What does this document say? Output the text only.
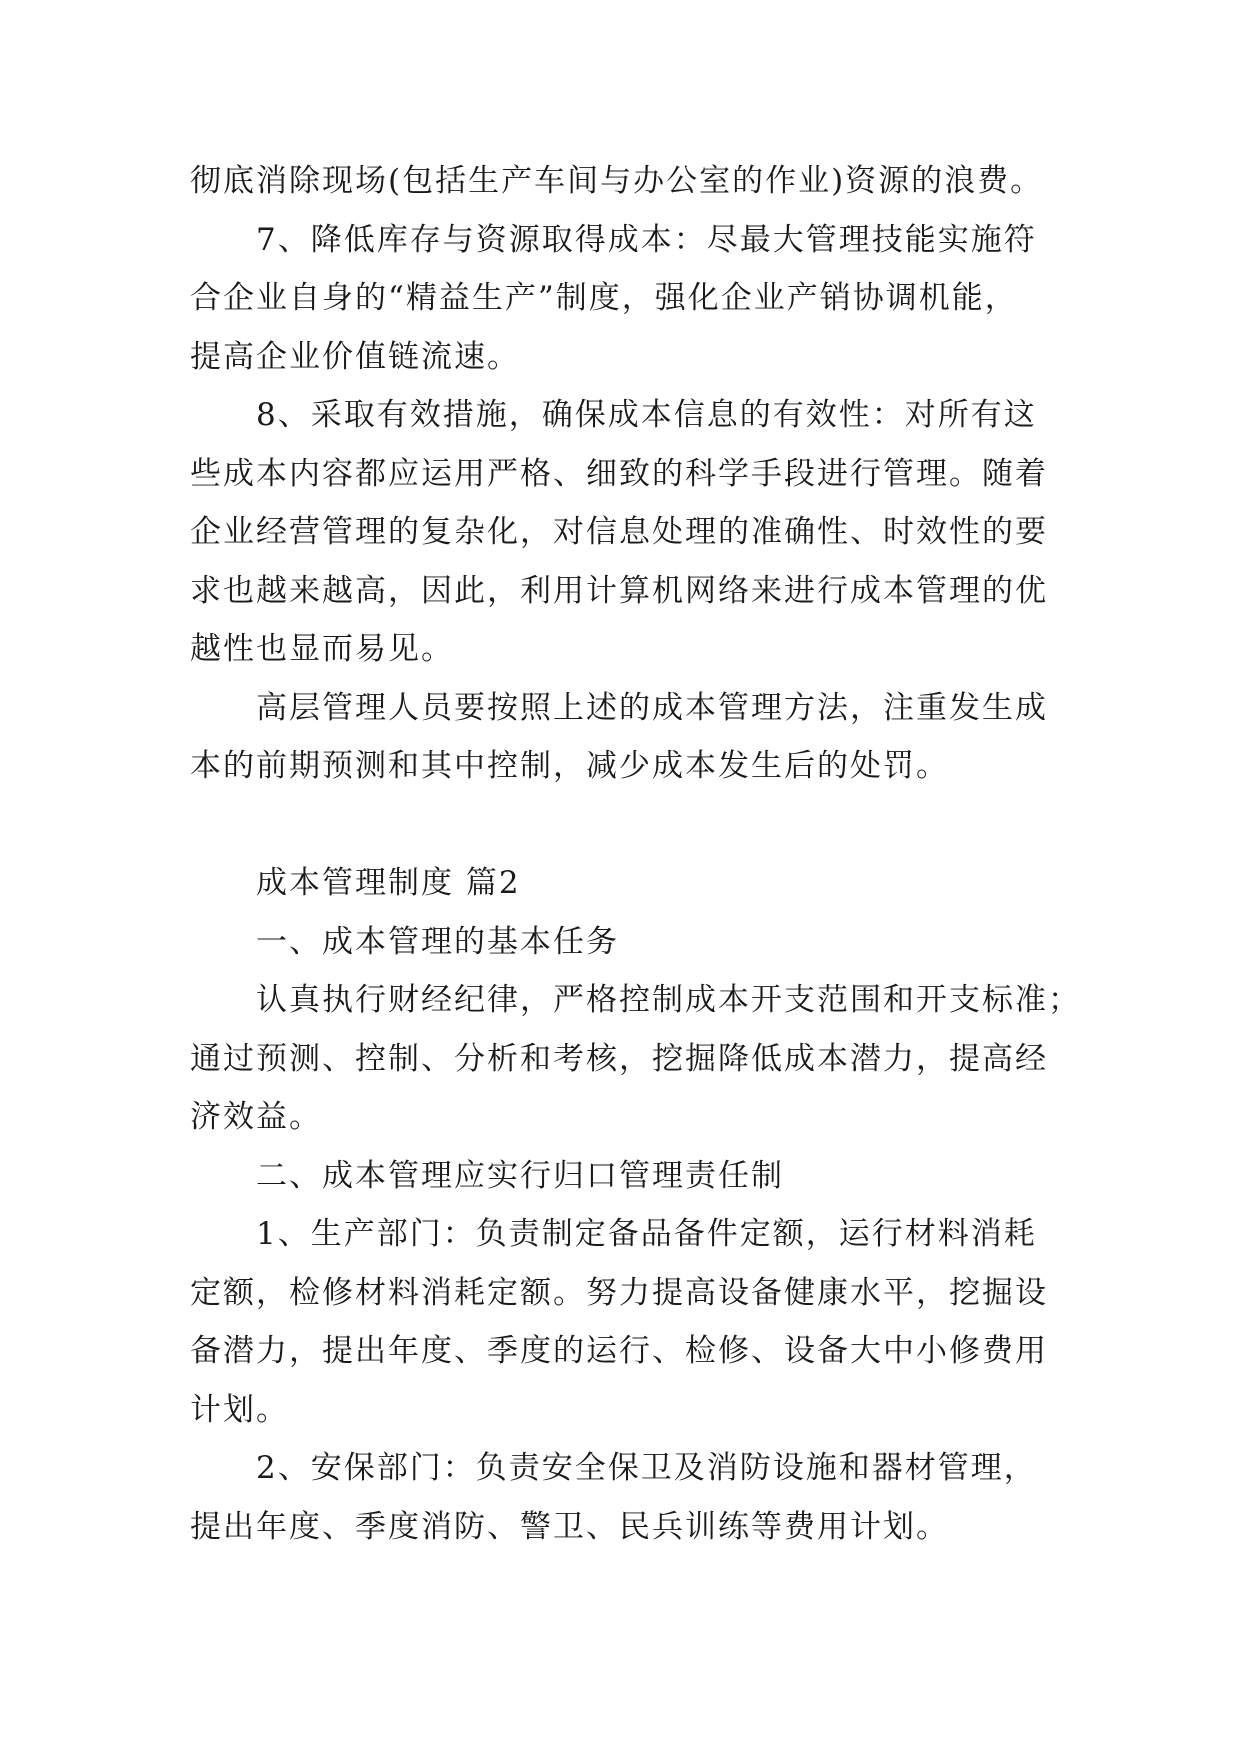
彻底消除现场(包括生产车间与办公室的作业)资源的浪费。
7、降低库存与资源取得成本：尽最大管理技能实施符
合企业自身的“精益生产”制度，强化企业产销协调机能，
提高企业价值链流速。
8、采取有效措施，确保成本信息的有效性：对所有这
些成本内容都应运用严格、细致的科学手段进行管理。随着
企业经营管理的复杂化，对信息处理的准确性、时效性的要
求也越来越高，因此，利用计算机网络来进行成本管理的优
越性也显而易见。
高层管理人员要按照上述的成本管理方法，注重发生成
本的前期预测和其中控制，减少成本发生后的处罚。
成本管理制度 篇2
一、成本管理的基本任务
认真执行财经纪律，严格控制成本开支范围和开支标准；
通过预测、控制、分析和考核，挖掘降低成本潜力，提高经
济效益。
二、成本管理应实行归口管理责任制
1、生产部门：负责制定备品备件定额，运行材料消耗
定额，检修材料消耗定额。努力提高设备健康水平，挖掘设
备潜力，提出年度、季度的运行、检修、设备大中小修费用
计划。
2、安保部门：负责安全保卫及消防设施和器材管理，
提出年度、季度消防、警卫、民兵训练等费用计划。
